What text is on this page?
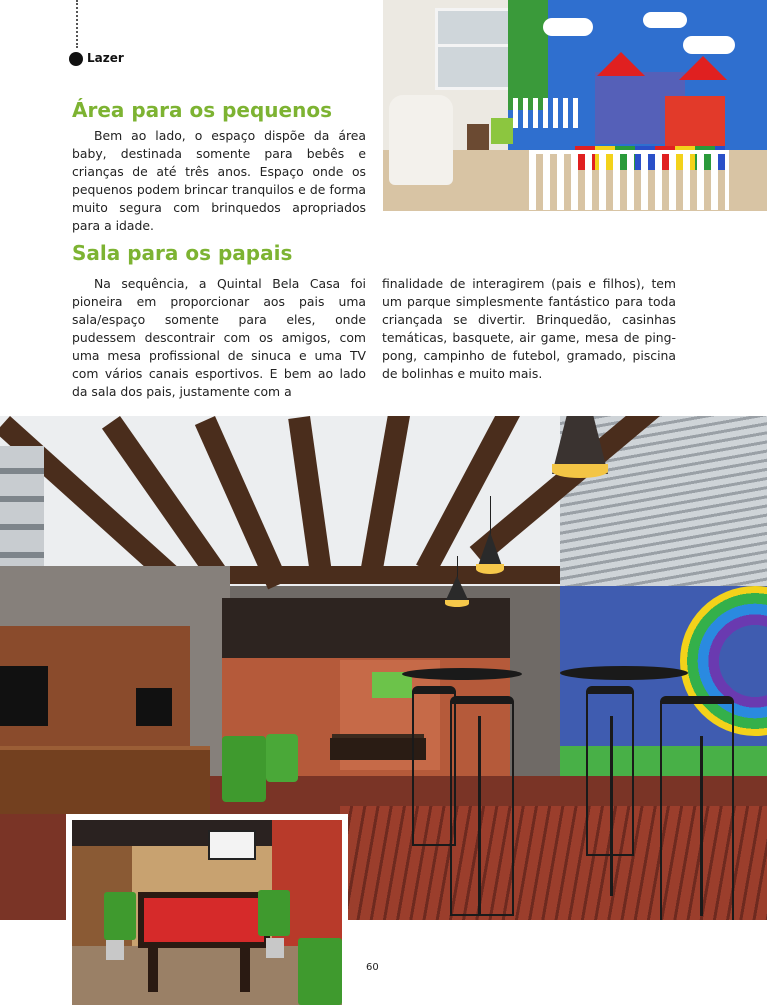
Lazer
Área para os pequenos

Bem ao lado, o espaço dispõe da área baby, destinada somente para bebês e crianças de até três anos. Espaço onde os pequenos podem brincar tranquilos e de forma muito segura com brinquedos apropriados para a idade.

Sala para os papais

Na sequência, a Quintal Bela Casa foi pioneira em proporcionar aos pais uma sala/espaço somente para eles, onde pudessem descontrair com os amigos, com uma mesa profissional de sinuca e uma TV com vários canais esportivos. E bem ao lado da sala dos pais, justamente com a

finalidade de interagirem (pais e filhos), tem um parque simplesmente fantástico para toda criançada se divertir. Brinquedão, casinhas temáticas, basquete, air game, mesa de ping-pong, campinho de futebol, gramado, piscina de bolinhas e muito mais.

60
